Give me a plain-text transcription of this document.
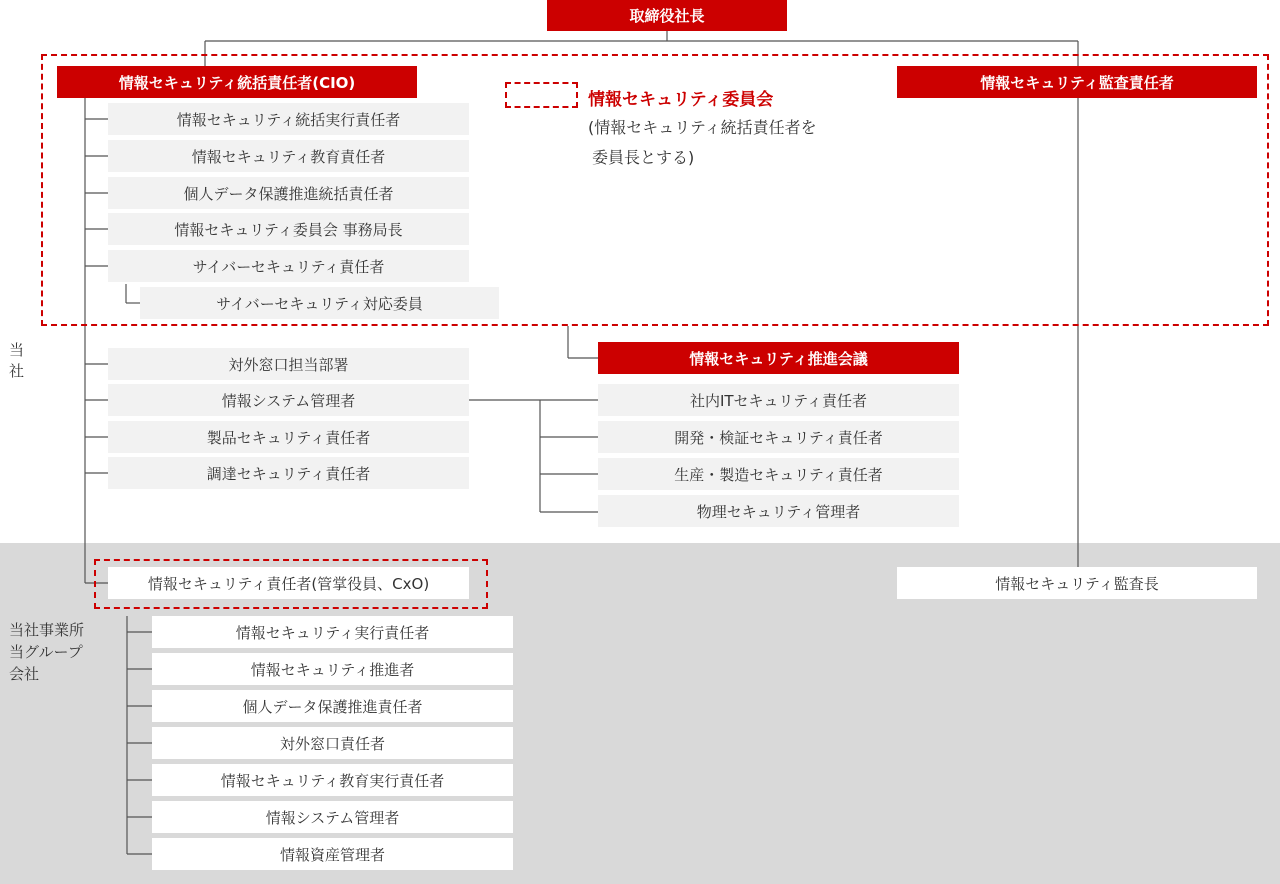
取締役社長
情報セキュリティ統括責任者(CIO)	情報セキュリティ監査責任者
情報セキュリティ委員会
(情報セキュリティ統括責任者を
委員長とする)
情報セキュリティ統括実行責任者
情報セキュリティ教育責任者
個人データ保護推進統括責任者
情報セキュリティ委員会 事務局長
サイバーセキュリティ責任者
サイバーセキュリティ対応委員
当社	対外窓口担当部署
情報システム管理者
製品セキュリティ責任者
調達セキュリティ責任者
情報セキュリティ推進会議
社内ITセキュリティ責任者
開発・検証セキュリティ責任者
生産・製造セキュリティ責任者
物理セキュリティ管理者
当社事業所
当グループ
会社
情報セキュリティ責任者(管掌役員、CxO)	情報セキュリティ監査長
情報セキュリティ実行責任者
情報セキュリティ推進者
個人データ保護推進責任者
対外窓口責任者
情報セキュリティ教育実行責任者
情報システム管理者
情報資産管理者
